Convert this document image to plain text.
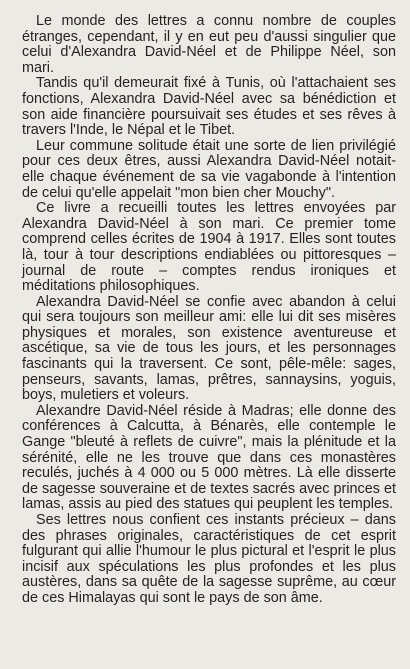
Le monde des lettres a connu nombre de couples étranges, cependant, il y en eut peu d'aussi singulier que celui d'Alexandra David-Néel et de Philippe Néel, son mari.

Tandis qu'il demeurait fixé à Tunis, où l'attachaient ses fonctions, Alexandra David-Néel avec sa bénédiction et son aide financière poursuivait ses études et ses rêves à travers l'Inde, le Népal et le Tibet.

Leur commune solitude était une sorte de lien privilégié pour ces deux êtres, aussi Alexandra David-Néel notait-elle chaque événement de sa vie vagabonde à l'intention de celui qu'elle appelait "mon bien cher Mouchy".

Ce livre a recueilli toutes les lettres envoyées par Alexandra David-Néel à son mari. Ce premier tome comprend celles écrites de 1904 à 1917. Elles sont toutes là, tour à tour descriptions endiablées ou pittoresques – journal de route – comptes rendus ironiques et méditations philosophiques.

Alexandra David-Néel se confie avec abandon à celui qui sera toujours son meilleur ami: elle lui dit ses misères physiques et morales, son existence aventureuse et ascétique, sa vie de tous les jours, et les personnages fascinants qui la traversent. Ce sont, pêle-mêle: sages, penseurs, savants, lamas, prêtres, sannaysins, yoguis, boys, muletiers et voleurs.

Alexandre David-Néel réside à Madras; elle donne des conférences à Calcutta, à Bénarès, elle contemple le Gange "bleuté à reflets de cuivre", mais la plénitude et la sérénité, elle ne les trouve que dans ces monastères reculés, juchés à 4 000 ou 5 000 mètres. Là elle disserte de sagesse souveraine et de textes sacrés avec princes et lamas, assis au pied des statues qui peuplent les temples.

Ses lettres nous confient ces instants précieux – dans des phrases originales, caractéristiques de cet esprit fulgurant qui allie l'humour le plus pictural et l'esprit le plus incisif aux spéculations les plus profondes et les plus austères, dans sa quête de la sagesse suprême, au cœur de ces Himalayas qui sont le pays de son âme.
